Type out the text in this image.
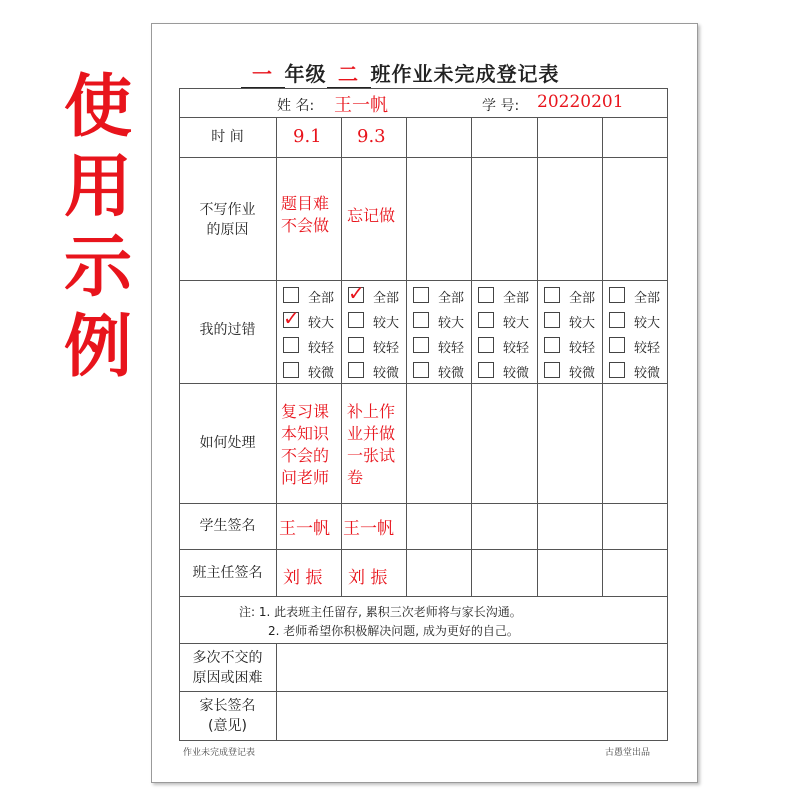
使
用
示
例
一 年级 二 班作业未完成登记表
姓 名: 王一帆	学 号: 20220201
时 间
不写作业
的原因
我的过错
如何处理
学生签名
班主任签名
9.1
题目难
不会做
复习课
本知识
不会的
问老师
王一帆
刘 振
9.3
忘记做
补上作
业并做
一张试
卷
王一帆
刘 振
全部
✓ 较大
较轻
较微
✓ 全部
较大
较轻
较微
全部
较大
较轻
较微
全部
较大
较轻
较微
全部
较大
较轻
较微
全部
较大
较轻
较微
注: 1. 此表班主任留存, 累积三次老师将与家长沟通。
2. 老师希望你积极解决问题, 成为更好的自己。
多次不交的
原因或困难
家长签名
(意见)
作业未完成登记表	古愚堂出品
